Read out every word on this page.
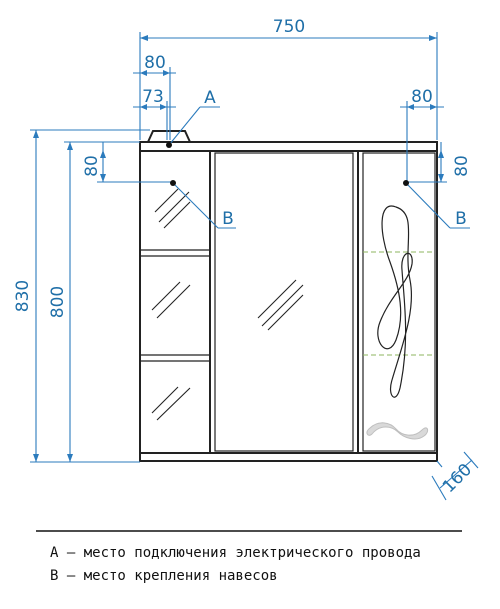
750
80
73	80
830 800
80	80
160
A
B	B
A – место подключения электрического провода
B – место крепления навесов
